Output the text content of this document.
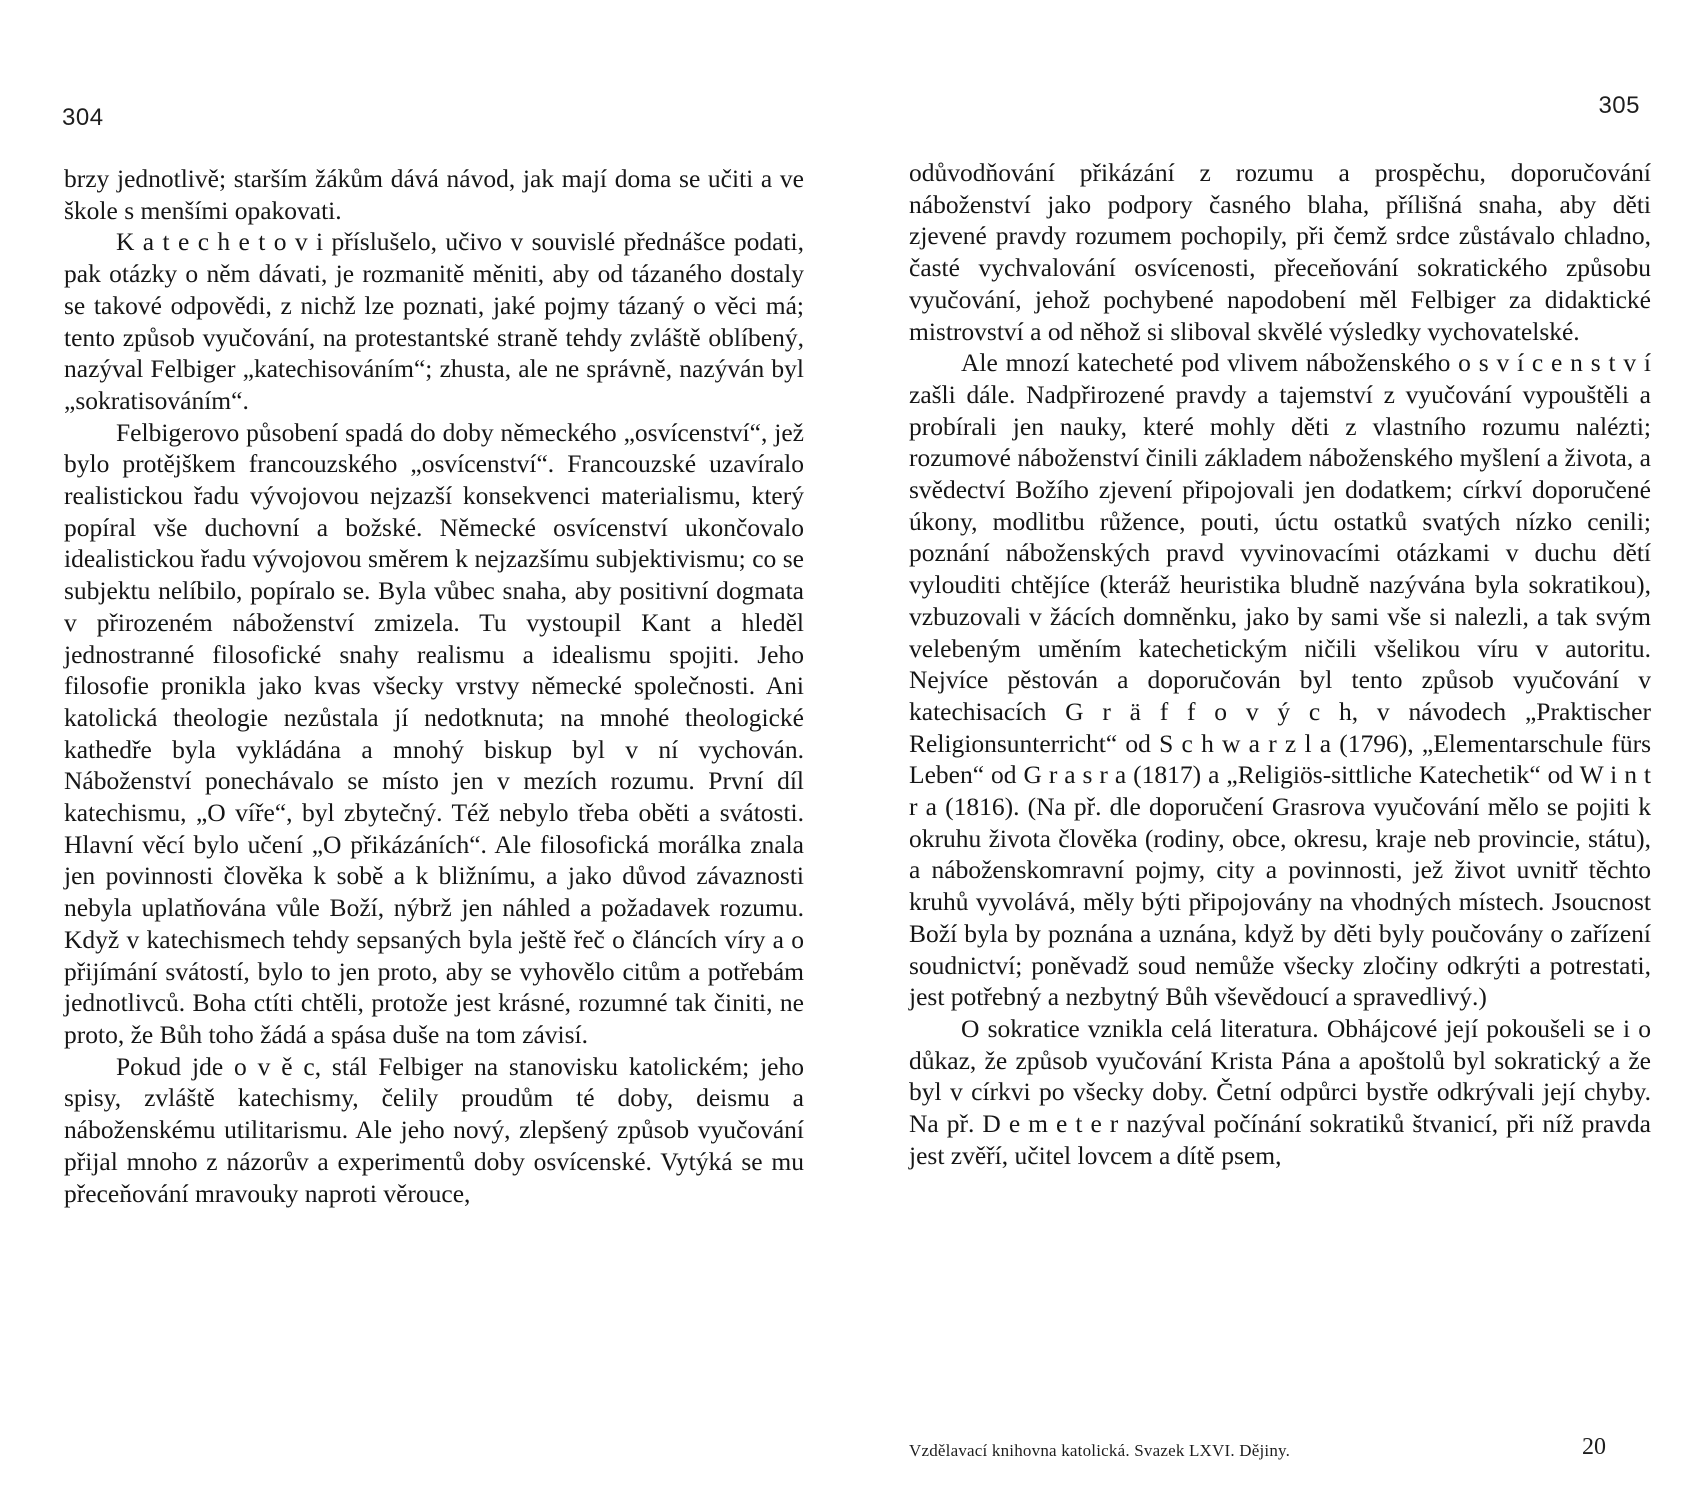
304

brzy jednotlivě; starším žákům dává návod, jak mají doma se učiti a ve škole s menšími opakovati.

K a t e c h e t o v i příslušelo, učivo v souvislé přednášce podati, pak otázky o něm dávati, je rozmanitě měniti, aby od tázaného dostaly se takové odpovědi, z nichž lze poznati, jaké pojmy tázaný o věci má; tento způsob vyučování, na protestantské straně tehdy zvláště oblíbený, nazýval Felbiger „katechisováním“; zhusta, ale ne správně, nazýván byl „sokratisováním“.

Felbigerovo působení spadá do doby německého „osvícenství“, jež bylo protějškem francouzského „osvícenství“. Francouzské uzavíralo realistickou řadu vývojovou nejzazší konsekvenci materialismu, který popíral vše duchovní a božské. Německé osvícenství ukončovalo idealistickou řadu vývojovou směrem k nejzazšímu subjektivismu; co se subjektu nelíbilo, popíralo se. Byla vůbec snaha, aby positivní dogmata v přirozeném náboženství zmizela. Tu vystoupil Kant a hleděl jednostranné filosofické snahy realismu a idealismu spojiti. Jeho filosofie pronikla jako kvas všecky vrstvy německé společnosti. Ani katolická theologie nezůstala jí nedotknuta; na mnohé theologické kathedře byla vykládána a mnohý biskup byl v ní vychován. Náboženství ponechávalo se místo jen v mezích rozumu. První díl katechismu, „O víře“, byl zbytečný. Též nebylo třeba oběti a svátosti. Hlavní věcí bylo učení „O přikázáních“. Ale filosofická morálka znala jen povinnosti člověka k sobě a k bližnímu, a jako důvod závaznosti nebyla uplatňována vůle Boží, nýbrž jen náhled a požadavek rozumu. Když v katechismech tehdy sepsaných byla ještě řeč o článcích víry a o přijímání svátostí, bylo to jen proto, aby se vyhovělo citům a potřebám jednotlivců. Boha ctíti chtěli, protože jest krásné, rozumné tak činiti, ne proto, že Bůh toho žádá a spása duše na tom závisí.

Pokud jde o v ě c, stál Felbiger na stanovisku katolickém; jeho spisy, zvláště katechismy, čelily proudům té doby, deismu a náboženskému utilitarismu. Ale jeho nový, zlepšený způsob vyučování přijal mnoho z názorův a experimentů doby osvícenské. Vytýká se mu přeceňování mravouky naproti věrouce,

305

odůvodňování přikázání z rozumu a prospěchu, doporučování náboženství jako podpory časného blaha, přílišná snaha, aby děti zjevené pravdy rozumem pochopily, při čemž srdce zůstávalo chladno, časté vychvalování osvícenosti, přeceňování sokratického způsobu vyučování, jehož pochybené napodobení měl Felbiger za didaktické mistrovství a od něhož si sliboval skvělé výsledky vychovatelské.

Ale mnozí katecheté pod vlivem náboženského o s v í c e n s t v í zašli dále. Nadpřirozené pravdy a tajemství z vyučování vypouštěli a probírali jen nauky, které mohly děti z vlastního rozumu nalézti; rozumové náboženství činili základem náboženského myšlení a života, a svědectví Božího zjevení připojovali jen dodatkem; církví doporučené úkony, modlitbu růžence, pouti, úctu ostatků svatých nízko cenili; poznání náboženských pravd vyvinovacími otázkami v duchu dětí vylouditi chtějíce (kteráž heuristika bludně nazývána byla sokratikou), vzbuzovali v žácích domněnku, jako by sami vše si nalezli, a tak svým velebeným uměním katechetickým ničili všelikou víru v autoritu. Nejvíce pěstován a doporučován byl tento způsob vyučování v katechisacích G r ä f f o v ý c h, v návodech „Praktischer Religionsunterricht“ od S c h w a r z l a (1796), „Elementarschule fürs Leben“ od G r a s r a (1817) a „Religiös-sittliche Katechetik“ od W i n t r a (1816). (Na př. dle doporučení Grasrova vyučování mělo se pojiti k okruhu života člověka (rodiny, obce, okresu, kraje neb provincie, státu), a náboženskomravní pojmy, city a povinnosti, jež život uvnitř těchto kruhů vyvolává, měly býti připojovány na vhodných místech. Jsoucnost Boží byla by poznána a uznána, když by děti byly poučovány o zařízení soudnictví; poněvadž soud nemůže všecky zločiny odkrýti a potrestati, jest potřebný a nezbytný Bůh vševědoucí a spravedlivý.)

O sokratice vznikla celá literatura. Obhájcové její pokoušeli se i o důkaz, že způsob vyučování Krista Pána a apoštolů byl sokratický a že byl v církvi po všecky doby. Četní odpůrci bystře odkrývali její chyby. Na př. D e m e t e r nazýval počínání sokratiků štvanicí, při níž pravda jest zvěří, učitel lovcem a dítě psem,

Vzdělavací knihovna katolická. Svazek LXVI. Dějiny.	20
